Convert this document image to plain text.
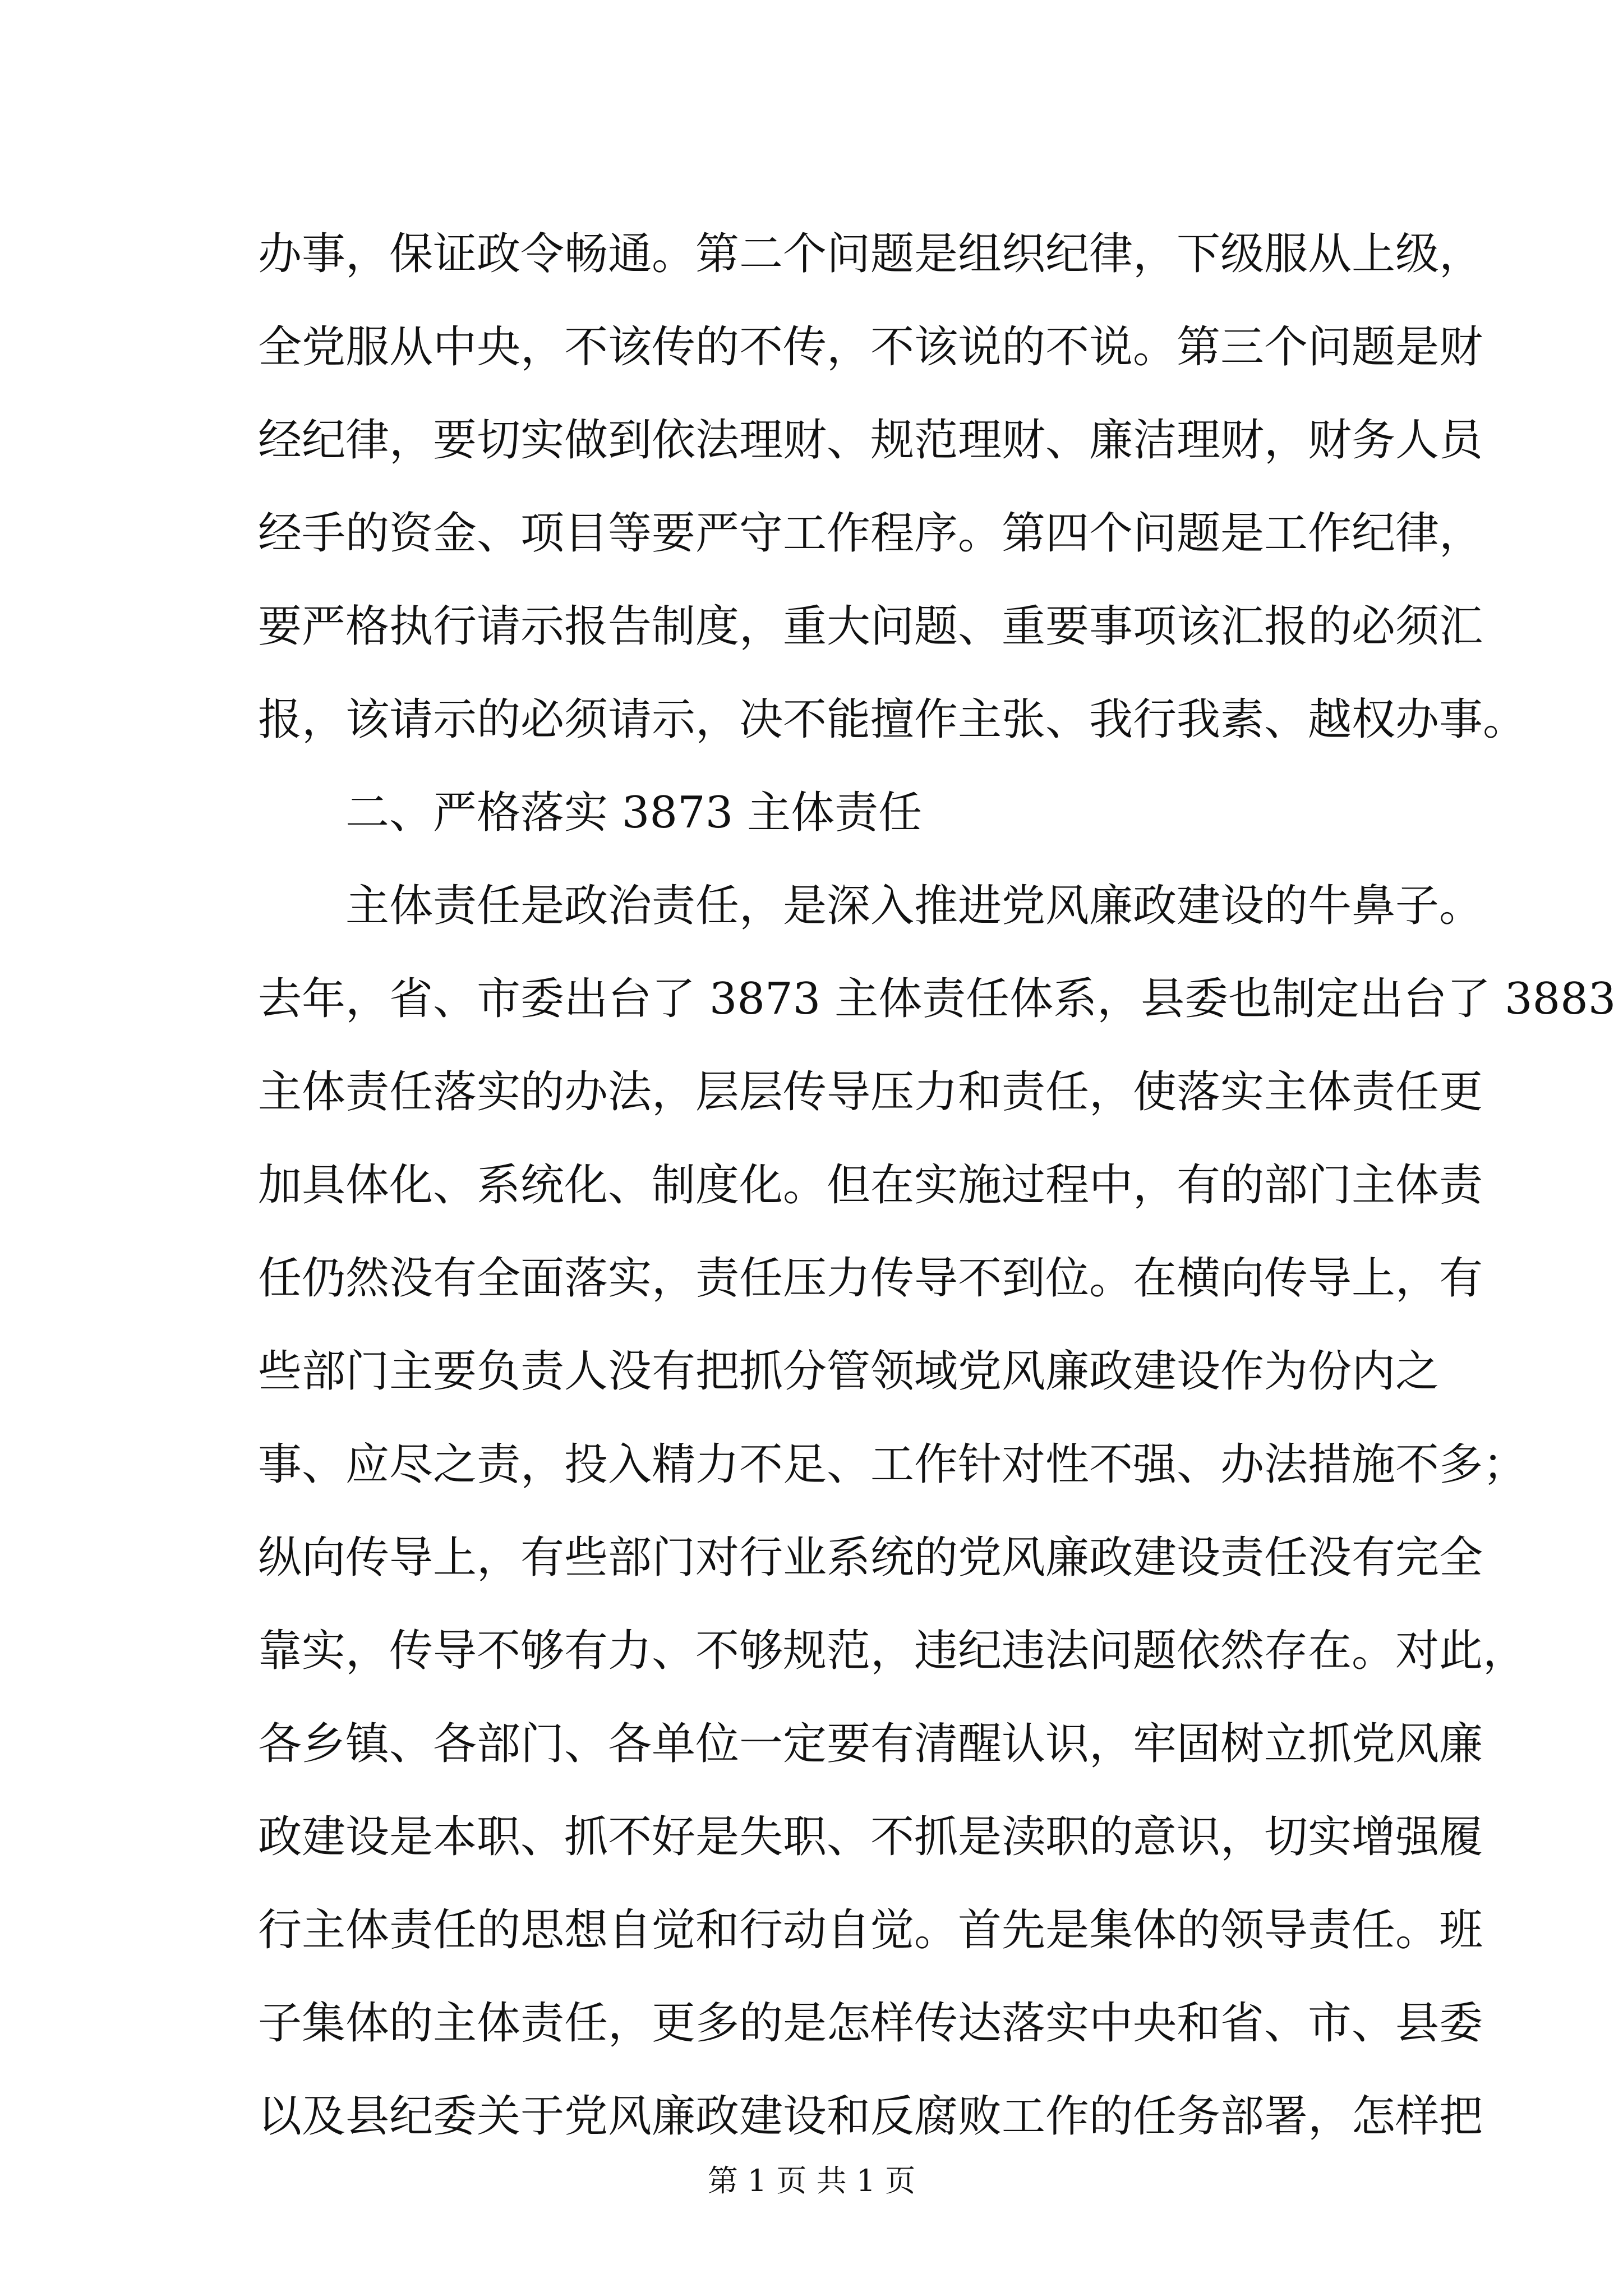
办事，保证政令畅通。第二个问题是组织纪律，下级服从上级，
全党服从中央，不该传的不传，不该说的不说。第三个问题是财
经纪律，要切实做到依法理财、规范理财、廉洁理财，财务人员
经手的资金、项目等要严守工作程序。第四个问题是工作纪律，
要严格执行请示报告制度，重大问题、重要事项该汇报的必须汇
报，该请示的必须请示，决不能擅作主张、我行我素、越权办事。
二、严格落实 3873 主体责任
主体责任是政治责任，是深入推进党风廉政建设的牛鼻子。
去年，省、市委出台了 3873 主体责任体系，县委也制定出台了 3883
主体责任落实的办法，层层传导压力和责任，使落实主体责任更
加具体化、系统化、制度化。但在实施过程中，有的部门主体责
任仍然没有全面落实，责任压力传导不到位。在横向传导上，有
些部门主要负责人没有把抓分管领域党风廉政建设作为份内之
事、应尽之责，投入精力不足、工作针对性不强、办法措施不多；
纵向传导上，有些部门对行业系统的党风廉政建设责任没有完全
靠实，传导不够有力、不够规范，违纪违法问题依然存在。对此，
各乡镇、各部门、各单位一定要有清醒认识，牢固树立抓党风廉
政建设是本职、抓不好是失职、不抓是渎职的意识，切实增强履
行主体责任的思想自觉和行动自觉。首先是集体的领导责任。班
子集体的主体责任，更多的是怎样传达落实中央和省、市、县委
以及县纪委关于党风廉政建设和反腐败工作的任务部署，怎样把
第 1 页 共 1 页
